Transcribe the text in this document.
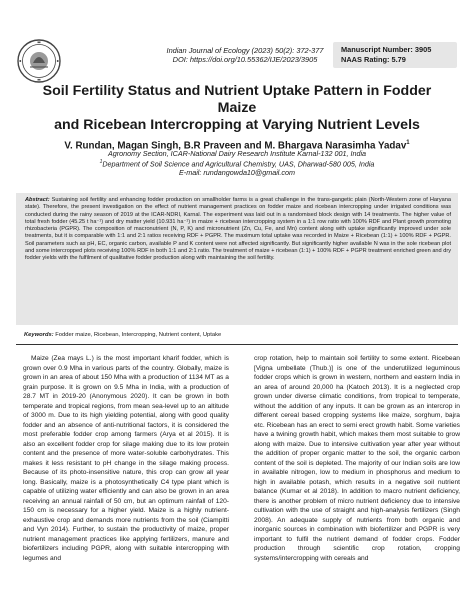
Indian Journal of Ecology (2023) 50(2): 372-377
DOI: https://doi.org/10.55362/IJE/2023/3905
Manuscript Number: 3905
NAAS Rating: 5.79
Soil Fertility Status and Nutrient Uptake Pattern in Fodder Maize
and Ricebean Intercropping at Varying Nutrient Levels
V. Rundan, Magan Singh, B.R Praveen and M. Bhargava Narasimha Yadav$^1$
Agronomy Section, ICAR-National Dairy Research Institute Karnal-132 001, India
$^1$Department of Soil Science and Agricultural Chemistry, UAS, Dharwad-580 005, India
E-mail: rundangowda10@gmail.com
Abstract: Sustaining soil fertility and enhancing fodder production on smallholder farms is a great challenge in the trans-gangetic plain (North-Western zone of Haryana state). Therefore, the present investigation on the effect of nutrient management practices on fodder maize and ricebean intercropping under irrigated conditions was conducted during the rainy season of 2019 at the ICAR-NDRI, Karnal. The experiment was laid out in a randomised block design with 14 treatments. The higher value of total fresh fodder (45.25 t ha⁻¹) and dry matter yield (10.931 ha⁻¹) in maize + ricebean intercropping system in a 1:1 row ratio with 100% RDF and Plant growth promoting rhizobacteria (PGPR). The composition of macronutrient (N, P, K) and micronutrient (Zn, Cu, Fe, and Mn) content along with uptake significantly improved under sole treatments, but it is comparable with 1:1 and 2:1 ratios receiving RDF + PGPR. The maximum total uptake was recorded in Maize + Ricebean (1:1) + 100% RDF + PGPR. Soil parameters such as pH, EC, organic carbon, available P and K content were not affected significantly. But significantly higher available N was in the sole ricebean plot and some intercropped plots receiving 100% RDF in both 1:1 and 2:1 ratio. The treatment of maize + ricebean (1:1) + 100% RDF + PGPR treatment enriched green and dry fodder yields with the fulfilment of qualitative fodder production along with maintaining the soil fertility.
Keywords: Fodder maize, Ricebean, Intercropping, Nutrient content, Uptake

Maize (Zea mays L.) is the most important kharif fodder, which is grown over 0.9 Mha in various parts of the country. Globally, maize is grown in an area of about 150 Mha with a production of 1134 MT as a grain purpose. It is grown on 9.5 Mha in India, with a production of 28.7 MT in 2019-20 (Anonymous 2020). It can be grown in both temperate and tropical regions, from mean sea-level up to an altitude of 3000 m. Due to its high yielding potential, along with good quality fodder and an absence of anti-nutritional factors, it is considered the most preferable fodder crop among farmers (Arya et al 2015). It is also an excellent fodder crop for silage making due to its low protein content and the presence of more water-soluble carbohydrates. This makes it less resistant to pH change in the silage making process. Because of its photo-insensitive nature, this crop can grow all year long. Basically, maize is a photosynthetically C4 type plant which is capable of utilizing water efficiently and can also be grown in an area receiving an annual rainfall of 50 cm, but an optimum rainfall of 120-150 cm is necessary for a higher yield. Maize is a highly nutrient-exhaustive crop and demands more nutrients from the soil (Ciampitti and Vyn 2014). Further, to sustain the productivity of maize, proper nutrient management practices like applying fertilizers, manure and biofertilizers including PGPR, along with suitable intercropping with legumes and

crop rotation, help to maintain soil fertility to some extent. Ricebean [Vigna umbellate (Thub.)] is one of the underutilized leguminous fodder crops which is grown in western, northern and eastern India in an area of around 20,000 ha (Katoch 2013). It is a neglected crop grown under diverse climatic conditions, from tropical to temperate, without the addition of any inputs. It can be grown as an intercrop in different cereal based cropping systems like maize, sorghum, bajra etc. Ricebean has an erect to semi erect growth habit. Some varieties have a twining growth habit, which makes them most suitable to grow along with maize. Due to intensive cultivation year after year without the addition of proper organic matter to the soil, the organic carbon content of the soil is depleted. The majority of our Indian soils are low in available nitrogen, low to medium in phosphorus and medium to high in available potash, which results in a negative soil nutrient balance (Kumar et al 2018). In addition to macro nutrient deficiency, there is another problem of micro nutrient deficiency due to intensive cultivation with the use of straight and high-analysis fertilizers (Singh 2008). An adequate supply of nutrients from both organic and inorganic sources in combination with biofertilizer and PGPR is very important to fulfil the nutrient demand of fodder crops. Fodder production through scientific crop rotation, cropping systems/intercropping with cereals and
